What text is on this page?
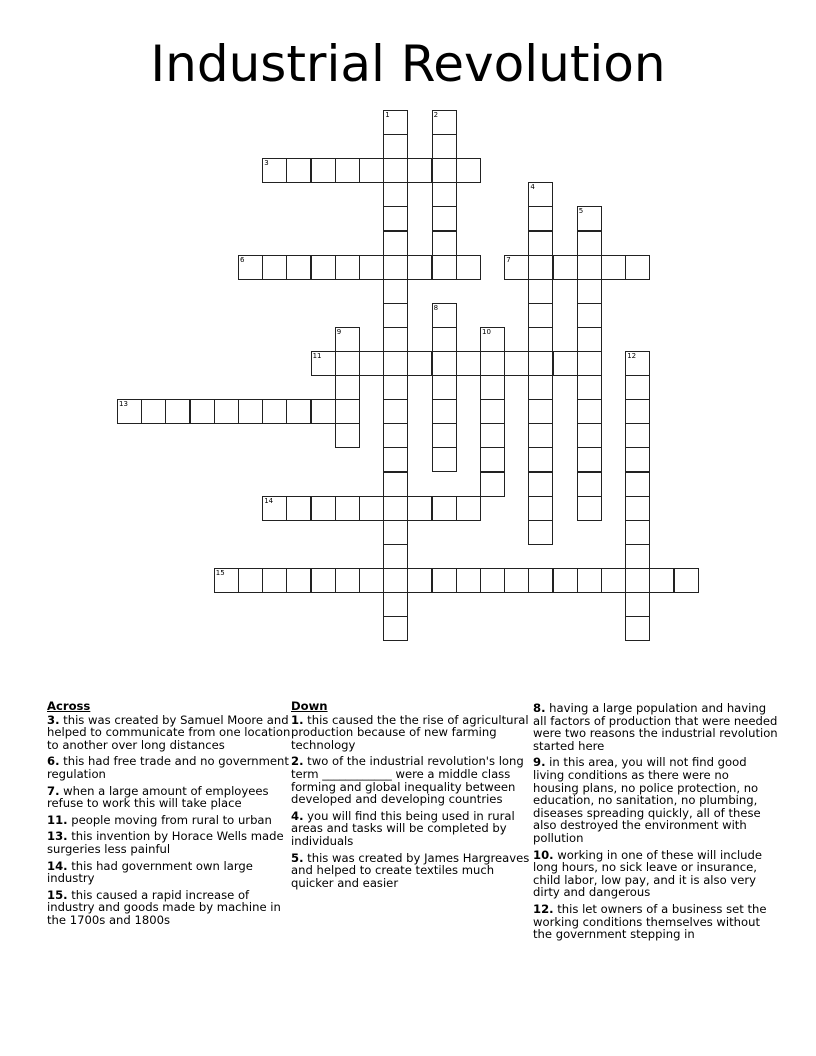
Industrial Revolution
1	2
3
4
5
6	7
8
9	10
11	12
13
14
15
Across
3. this was created by Samuel Moore and helped to communicate from one location to another over long distances
6. this had free trade and no government regulation
7. when a large amount of employees refuse to work this will take place
11. people moving from rural to urban
13. this invention by Horace Wells made surgeries less painful
14. this had government own large industry
15. this caused a rapid increase of industry and goods made by machine in the 1700s and 1800s
Down
1. this caused the the rise of agricultural production because of new farming technology
2. two of the industrial revolution's long term ____________ were a middle class forming and global inequality between developed and developing countries
4. you will find this being used in rural areas and tasks will be completed by individuals
5. this was created by James Hargreaves and helped to create textiles much quicker and easier
8. having a large population and having all factors of production that were needed were two reasons the industrial revolution started here
9. in this area, you will not find good living conditions as there were no housing plans, no police protection, no education, no sanitation, no plumbing, diseases spreading quickly, all of these also destroyed the environment with pollution
10. working in one of these will include long hours, no sick leave or insurance, child labor, low pay, and it is also very dirty and dangerous
12. this let owners of a business set the working conditions themselves without the government stepping in
